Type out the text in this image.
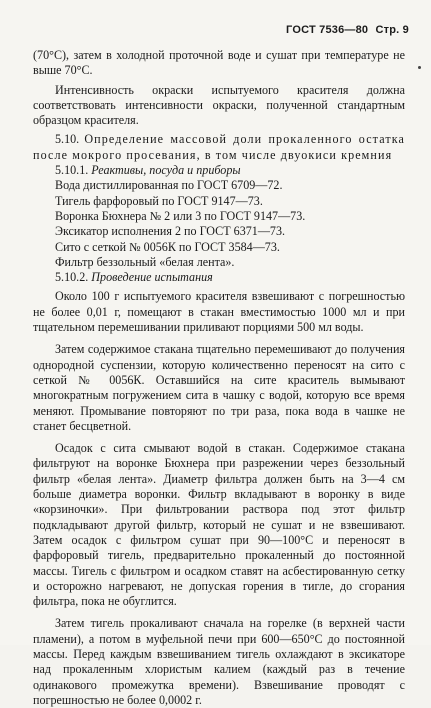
ГОСТ 7536—80 Стр. 9

(70°C), затем в холодной проточной воде и сушат при температуре не выше 70°C.

Интенсивность окраски испытуемого красителя должна соответствовать интенсивности окраски, полученной стандартным образцом красителя.

5.10. Определение массовой доли прокаленного остатка после мокрого просевания, в том числе двуокиси кремния

5.10.1. Реактивы, посуда и приборы

Вода дистиллированная по ГОСТ 6709—72.

Тигель фарфоровый по ГОСТ 9147—73.

Воронка Бюхнера № 2 или 3 по ГОСТ 9147—73.

Эксикатор исполнения 2 по ГОСТ 6371—73.

Сито с сеткой № 0056К по ГОСТ 3584—73.

Фильтр беззольный «белая лента».

5.10.2. Проведение испытания

Около 100 г испытуемого красителя взвешивают с погрешностью не более 0,01 г, помещают в стакан вместимостью 1000 мл и при тщательном перемешивании приливают порциями 500 мл воды.

Затем содержимое стакана тщательно перемешивают до получения однородной суспензии, которую количественно переносят на сито с сеткой № 0056К. Оставшийся на сите краситель вымывают многократным погружением сита в чашку с водой, которую все время меняют. Промывание повторяют по три раза, пока вода в чашке не станет бесцветной.

Осадок с сита смывают водой в стакан. Содержимое стакана фильтруют на воронке Бюхнера при разрежении через беззольный фильтр «белая лента». Диаметр фильтра должен быть на 3—4 см больше диаметра воронки. Фильтр вкладывают в воронку в виде «корзиночки». При фильтровании раствора под этот фильтр подкладывают другой фильтр, который не сушат и не взвешивают. Затем осадок с фильтром сушат при 90—100°C и переносят в фарфоровый тигель, предварительно прокаленный до постоянной массы. Тигель с фильтром и осадком ставят на асбестированную сетку и осторожно нагревают, не допуская горения в тигле, до сгорания фильтра, пока не обуглится.

Затем тигель прокаливают сначала на горелке (в верхней части пламени), а потом в муфельной печи при 600—650°C до постоянной массы. Перед каждым взвешиванием тигель охлаждают в эксикаторе над прокаленным хлористым калием (каждый раз в течение одинакового промежутка времени). Взвешивание проводят с погрешностью не более 0,0002 г.
